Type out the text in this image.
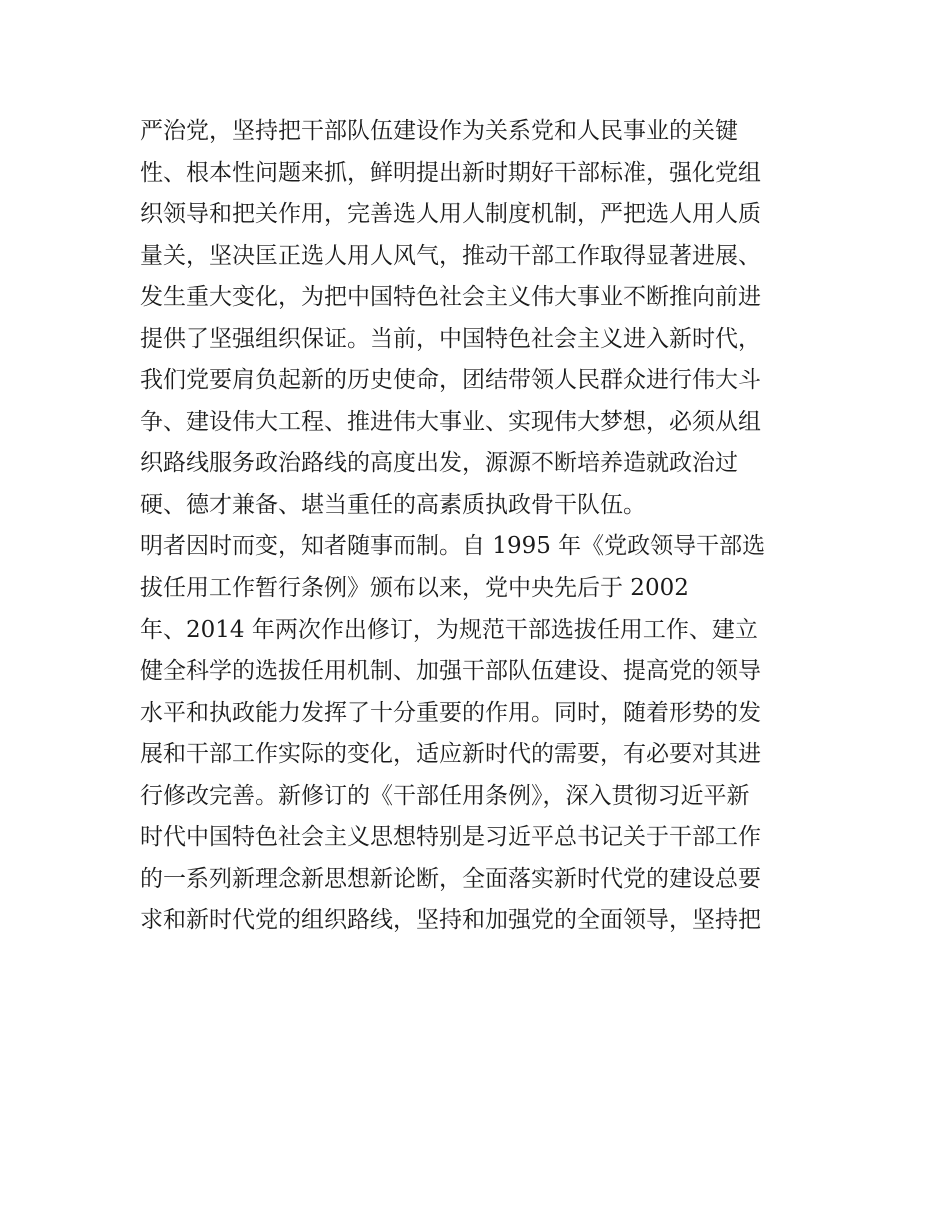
严治党，坚持把干部队伍建设作为关系党和人民事业的关键
性、根本性问题来抓，鲜明提出新时期好干部标准，强化党组
织领导和把关作用，完善选人用人制度机制，严把选人用人质
量关，坚决匡正选人用人风气，推动干部工作取得显著进展、
发生重大变化，为把中国特色社会主义伟大事业不断推向前进
提供了坚强组织保证。当前，中国特色社会主义进入新时代，
我们党要肩负起新的历史使命，团结带领人民群众进行伟大斗
争、建设伟大工程、推进伟大事业、实现伟大梦想，必须从组
织路线服务政治路线的高度出发，源源不断培养造就政治过
硬、德才兼备、堪当重任的高素质执政骨干队伍。
明者因时而变，知者随事而制。自 1995 年《党政领导干部选
拔任用工作暂行条例》颁布以来，党中央先后于 2002
年、2014 年两次作出修订，为规范干部选拔任用工作、建立
健全科学的选拔任用机制、加强干部队伍建设、提高党的领导
水平和执政能力发挥了十分重要的作用。同时，随着形势的发
展和干部工作实际的变化，适应新时代的需要，有必要对其进
行修改完善。新修订的《干部任用条例》，深入贯彻习近平新
时代中国特色社会主义思想特别是习近平总书记关于干部工作
的一系列新理念新思想新论断，全面落实新时代党的建设总要
求和新时代党的组织路线，坚持和加强党的全面领导，坚持把
